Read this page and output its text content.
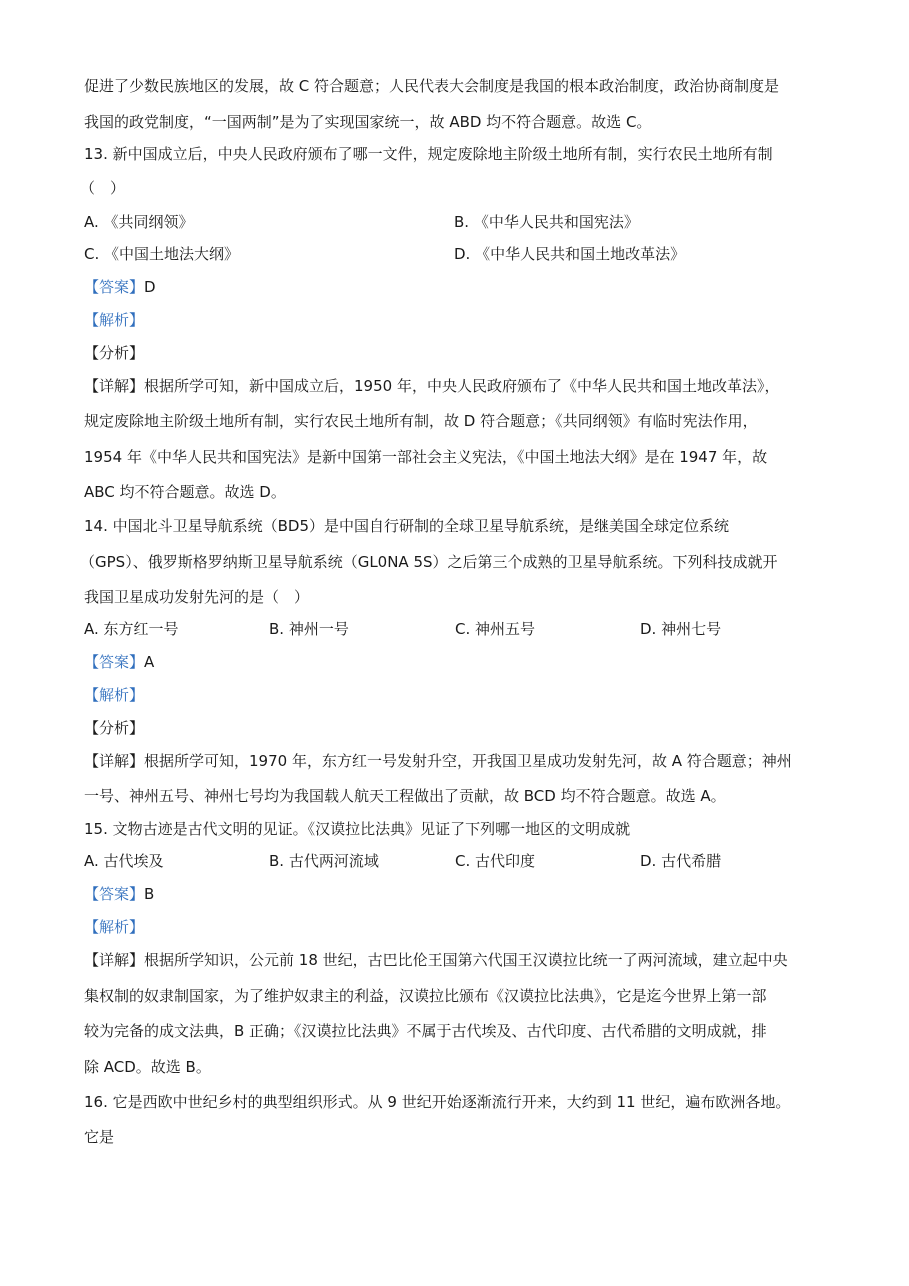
促进了少数民族地区的发展，故 C 符合题意；人民代表大会制度是我国的根本政治制度，政治协商制度是
我国的政党制度，“一国两制”是为了实现国家统一，故 ABD 均不符合题意。故选 C。
13. 新中国成立后，中央人民政府颁布了哪一文件，规定废除地主阶级土地所有制，实行农民土地所有制
（　）
A. 《共同纲领》	B. 《中华人民共和国宪法》
C. 《中国土地法大纲》	D. 《中华人民共和国土地改革法》
【答案】D
【解析】
【分析】
【详解】根据所学可知，新中国成立后，1950 年，中央人民政府颁布了《中华人民共和国土地改革法》，
规定废除地主阶级土地所有制，实行农民土地所有制，故 D 符合题意；《共同纲领》有临时宪法作用，
1954 年《中华人民共和国宪法》是新中国第一部社会主义宪法，《中国土地法大纲》是在 1947 年，故
ABC 均不符合题意。故选 D。
14. 中国北斗卫星导航系统（BD5）是中国自行研制的全球卫星导航系统，是继美国全球定位系统
（GPS）、俄罗斯格罗纳斯卫星导航系统（GL0NA 5S）之后第三个成熟的卫星导航系统。下列科技成就开
我国卫星成功发射先河的是（　）
A. 东方红一号	B. 神州一号	C. 神州五号	D. 神州七号
【答案】A
【解析】
【分析】
【详解】根据所学可知，1970 年，东方红一号发射升空，开我国卫星成功发射先河，故 A 符合题意；神州
一号、神州五号、神州七号均为我国载人航天工程做出了贡献，故 BCD 均不符合题意。故选 A。
15. 文物古迹是古代文明的见证。《汉谟拉比法典》见证了下列哪一地区的文明成就
A. 古代埃及	B. 古代两河流域	C. 古代印度	D. 古代希腊
【答案】B
【解析】
【详解】根据所学知识，公元前 18 世纪，古巴比伦王国第六代国王汉谟拉比统一了两河流域，建立起中央
集权制的奴隶制国家，为了维护奴隶主的利益，汉谟拉比颁布《汉谟拉比法典》，它是迄今世界上第一部
较为完备的成文法典，B 正确；《汉谟拉比法典》不属于古代埃及、古代印度、古代希腊的文明成就，排
除 ACD。故选 B。
16. 它是西欧中世纪乡村的典型组织形式。从 9 世纪开始逐渐流行开来，大约到 11 世纪，遍布欧洲各地。
它是
